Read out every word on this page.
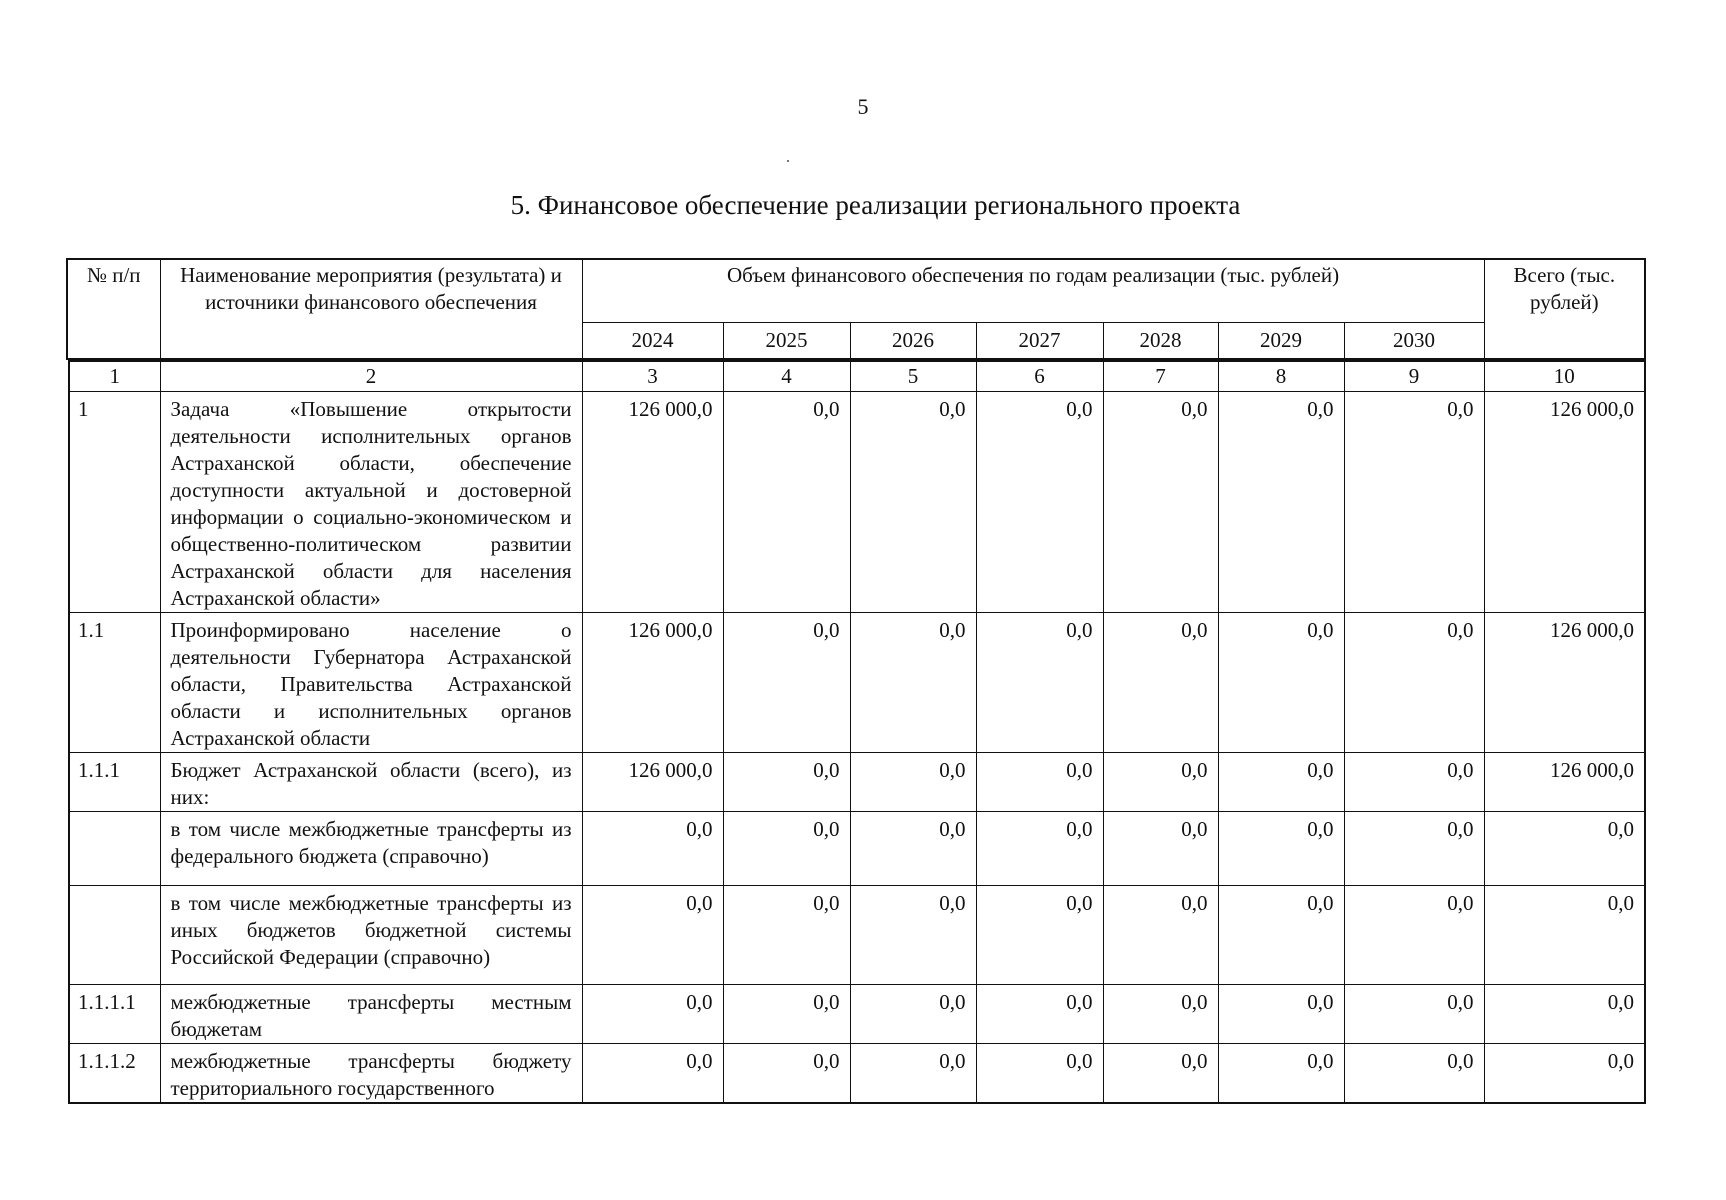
5
5. Финансовое обеспечение реализации регионального проекта
№ п/п	Наименование мероприятия (результата) и источники финансового обеспечения	Объем финансового обеспечения по годам реализации (тыс. рублей)							Всего (тыс. рублей)
		2024	2025	2026	2027	2028	2029	2030	
1	2	3	4	5	6	7	8	9	10
1	Задача «Повышение открытости деятельности исполнительных органов Астраханской области, обеспечение доступности актуальной и достоверной информации о социально-экономическом и общественно-политическом развитии Астраханской области для населения Астраханской области»	126 000,0	0,0	0,0	0,0	0,0	0,0	0,0	126 000,0
1.1	Проинформировано население о деятельности Губернатора Астраханской области, Правительства Астраханской области и исполнительных органов Астраханской области	126 000,0	0,0	0,0	0,0	0,0	0,0	0,0	126 000,0
1.1.1	Бюджет Астраханской области (всего), из них:	126 000,0	0,0	0,0	0,0	0,0	0,0	0,0	126 000,0
	в том числе межбюджетные трансферты из федерального бюджета (справочно)	0,0	0,0	0,0	0,0	0,0	0,0	0,0	0,0
	в том числе межбюджетные трансферты из иных бюджетов бюджетной системы Российской Федерации (справочно)	0,0	0,0	0,0	0,0	0,0	0,0	0,0	0,0
1.1.1.1	межбюджетные трансферты местным бюджетам	0,0	0,0	0,0	0,0	0,0	0,0	0,0	0,0
1.1.1.2	межбюджетные трансферты бюджету территориального государственного	0,0	0,0	0,0	0,0	0,0	0,0	0,0	0,0
